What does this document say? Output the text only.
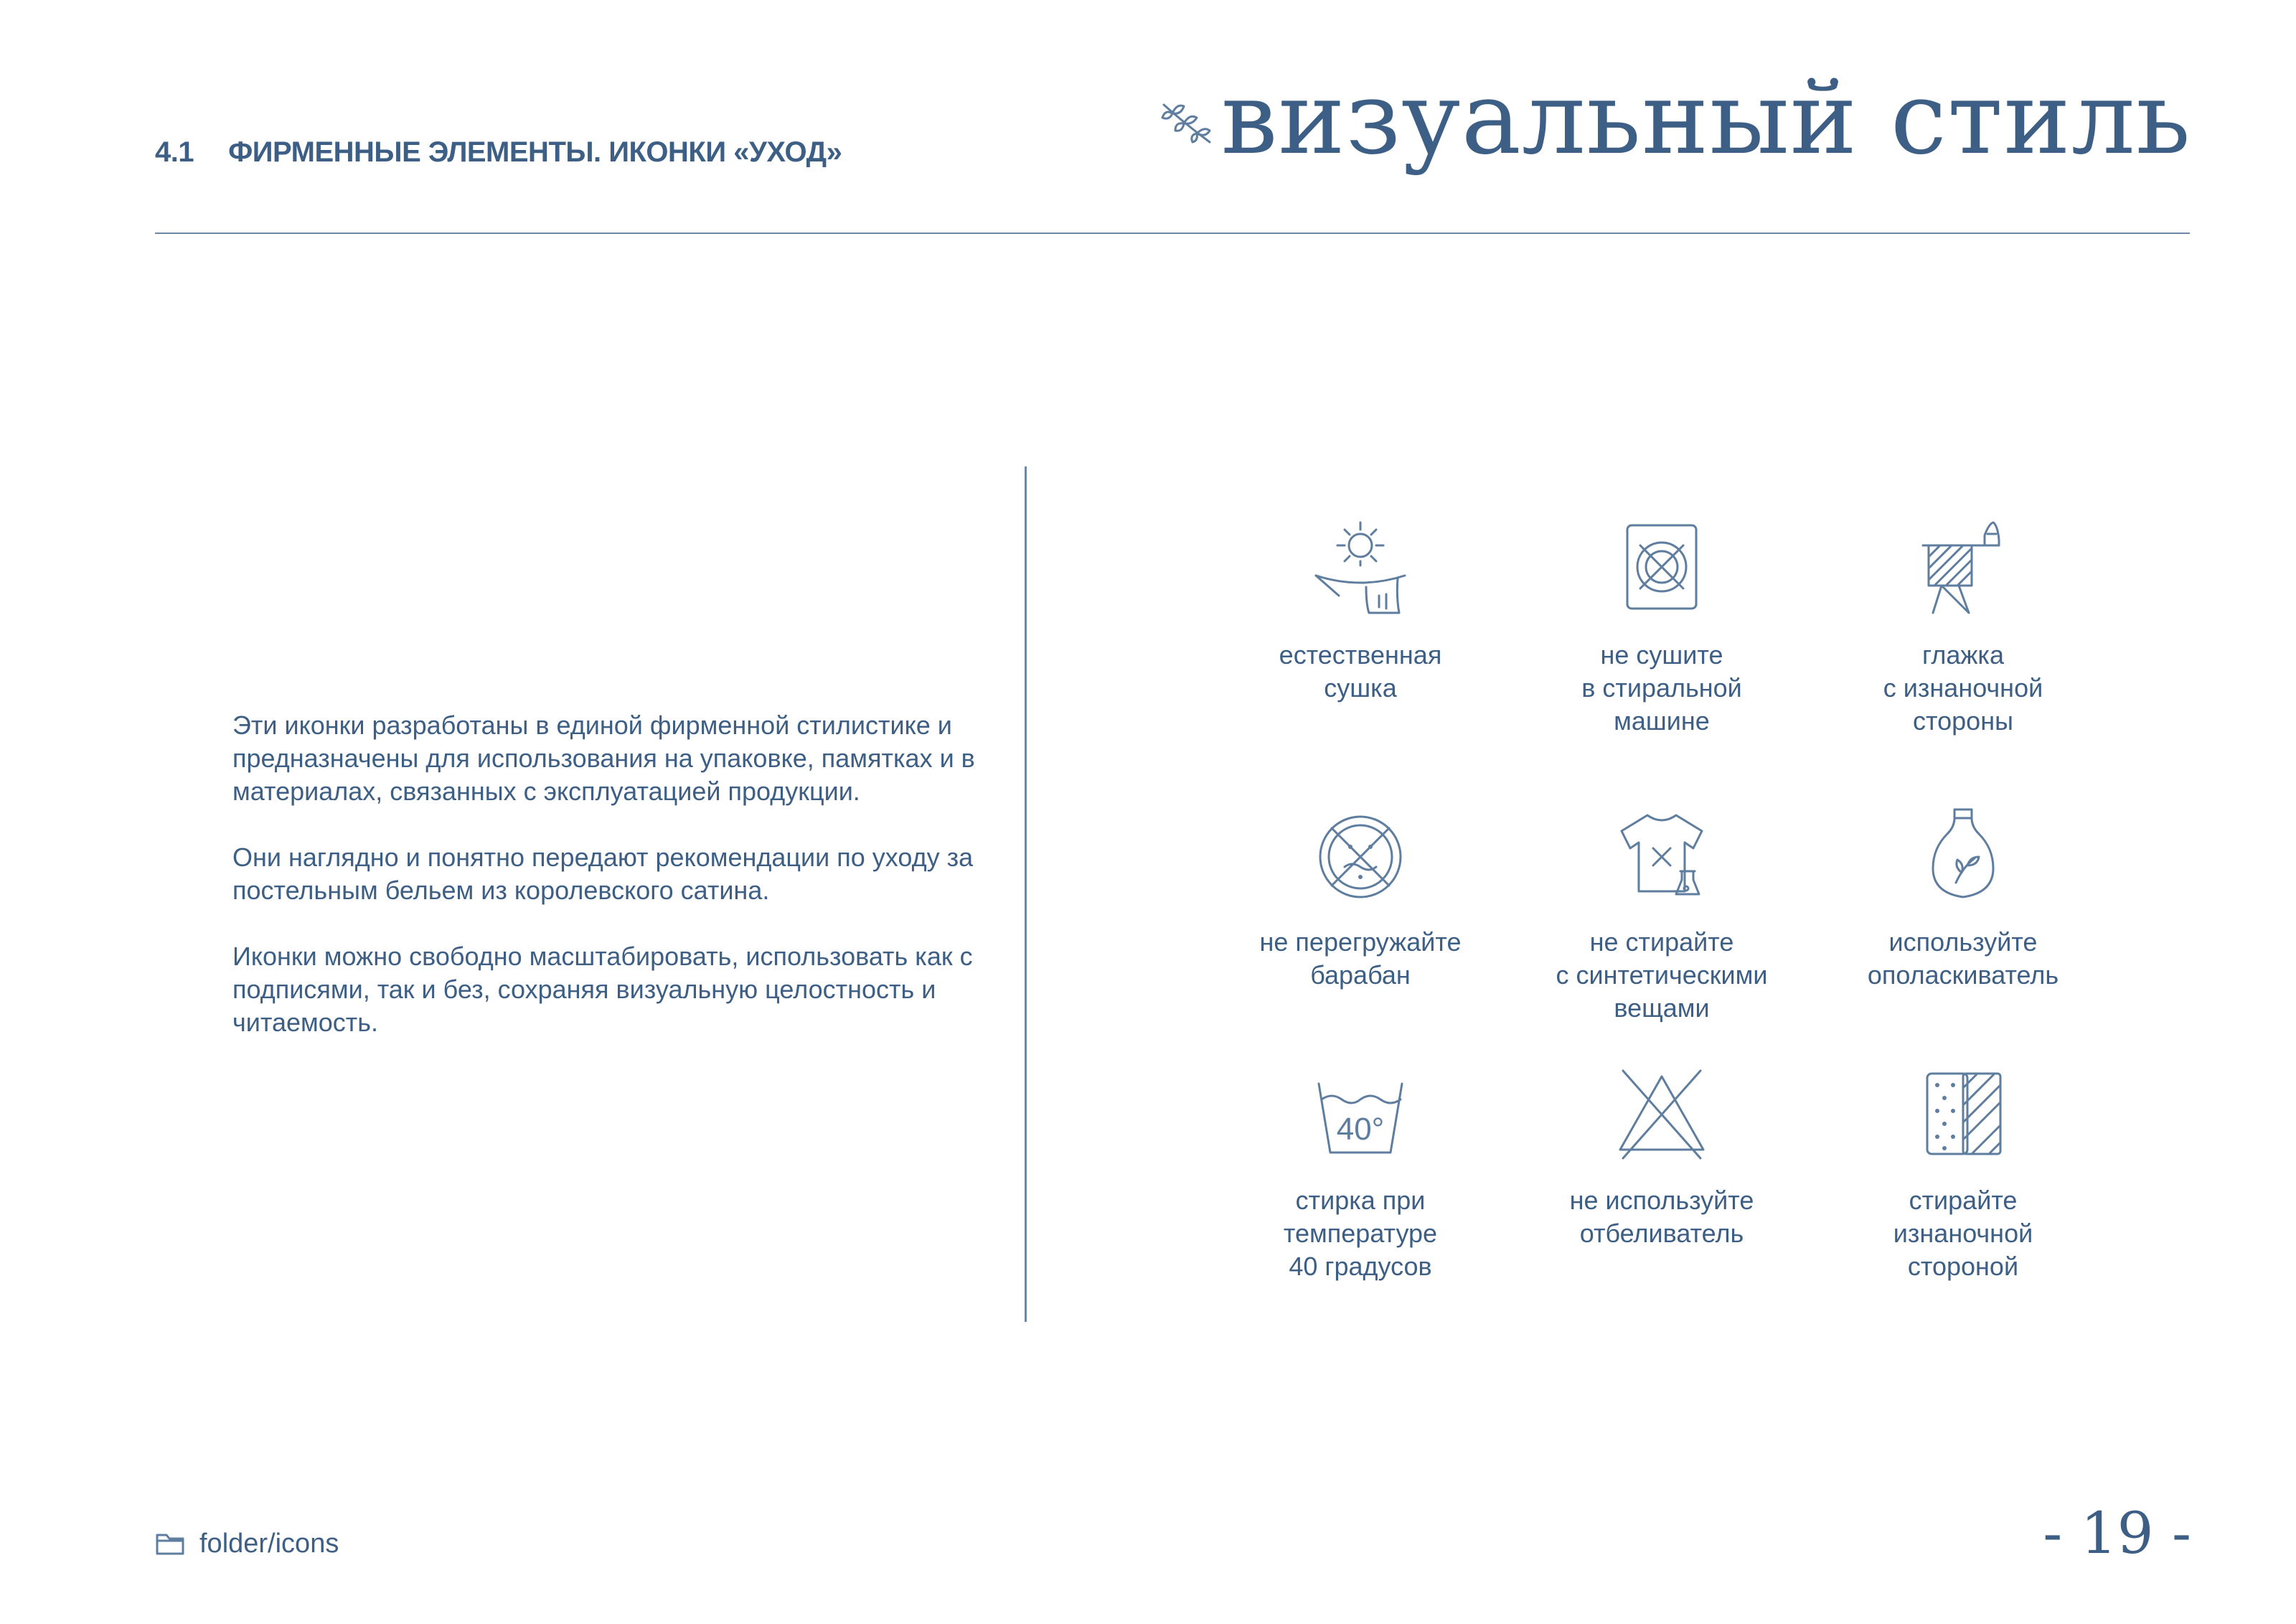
4.1 ФИРМЕННЫЕ ЭЛЕМЕНТЫ. ИКОНКИ «УХОД»	визуальный стиль

Эти иконки разработаны в единой фирменной стилистике и предназначены для использования на упаковке, памятках и в материалах, связанных с эксплуатацией продукции.

Они наглядно и понятно передают рекомендации по уходу за постельным бельем из королевского сатина.

Иконки можно свободно масштабировать, использовать как с подписями, так и без, сохраняя визуальную целостность и читаемость.

естественная
сушка
не сушите
в стиральной
машине
глажка
с изнаночной
стороны
не перегружайте
барабан
не стирайте
с синтетическими
вещами
используйте
ополаскиватель
40°
стирка при
температуре
40 градусов
не используйте
отбеливатель
стирайте
изнаночной
стороной
folder/icons	- 19 -
